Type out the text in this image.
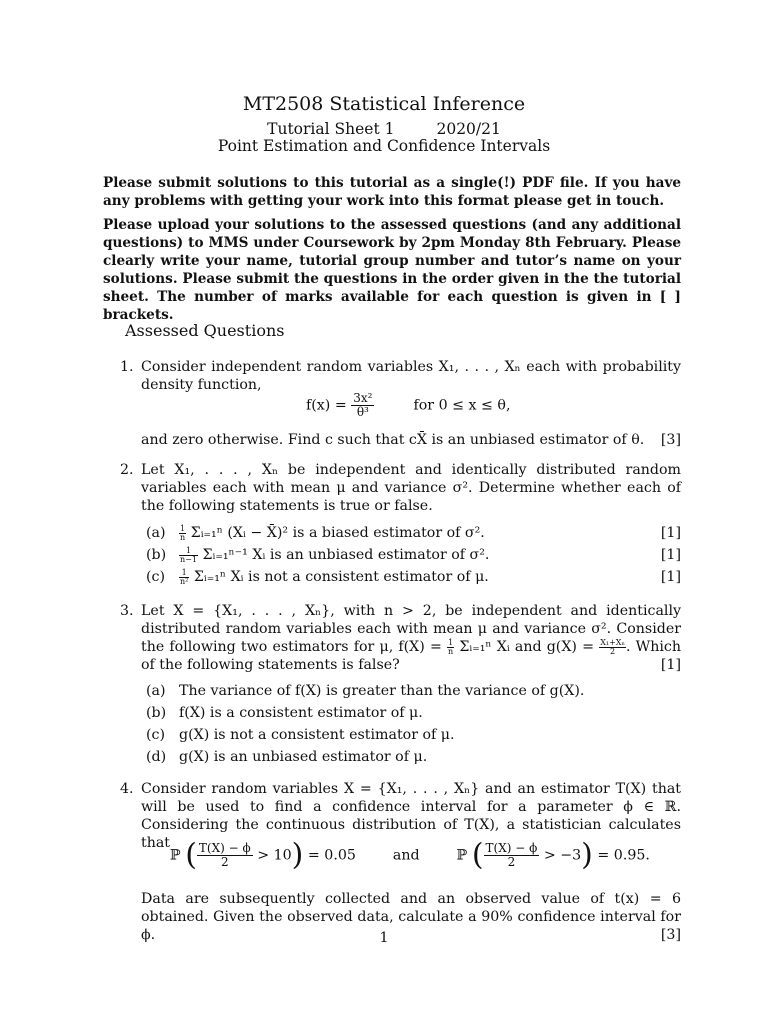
MT2508 Statistical Inference
Tutorial Sheet 1	2020/21
Point Estimation and Confidence Intervals

Please submit solutions to this tutorial as a single(!) PDF file. If you have any problems with getting your work into this format please get in touch.

Please upload your solutions to the assessed questions (and any additional questions) to MMS under Coursework by 2pm Monday 8th February. Please clearly write your name, tutorial group number and tutor’s name on your solutions. Please submit the questions in the order given in the the tutorial sheet. The number of marks available for each question is given in [ ] brackets.

Assessed Questions
1. Consider independent random variables X₁, . . . , Xₙ each with probability density function,
$f(x) = \frac{\text{3x²}}{\text{θ³}}$	for 0 ≤ x ≤ θ,
and zero otherwise. Find c such that cX̄ is an unbiased estimator of θ. [3]
2. Let X₁, . . . , Xₙ be independent and identically distributed random variables each with mean μ and variance σ². Determine whether each of the following statements is true or false.
$(a) \frac{1}{n}$ Σᵢ₌₁ⁿ (Xᵢ − X̄)² is a biased estimator of σ².	[1]
$(b) \frac{1}{n-1}$ Σᵢ₌₁ⁿ⁻¹ Xᵢ is an unbiased estimator of σ².	[1]
$(c) \frac{1}{\text{n²}}$ Σᵢ₌₁ⁿ Xᵢ is not a consistent estimator of μ.	[1]
3. Let X = {X₁, . . . , Xₙ}, with n > 2, be independent and identically distributed random variables each with mean μ and variance σ². Consider the following two estimators for μ, $f(X) = \frac{1}{n}$ Σᵢ₌₁ⁿ Xᵢ and $g(X) = \frac{\text{X₁+Xₙ}}{2}$ . Which of the following statements is false?	[1]
(a) The variance of f(X) is greater than the variance of g(X).
(b) f(X) is a consistent estimator of μ.
(c) g(X) is not a consistent estimator of μ.
(d) g(X) is an unbiased estimator of μ.
4. Consider random variables X = {X₁, . . . , Xₙ} and an estimator T(X) that will be used to find a confidence interval for a parameter ϕ ∈ ℝ. Considering the continuous distribution of T(X), a statistician calculates that
ℙ ( $\frac{T(X) - \phi}{2} > 10) = 0.05$	and	ℙ ( $\frac{T(X) - \phi}{2} > -3) = 0.95$.
Data are subsequently collected and an observed value of t(x) = 6 obtained. Given the observed data, calculate a 90% confidence interval for ϕ.	[3]
1
